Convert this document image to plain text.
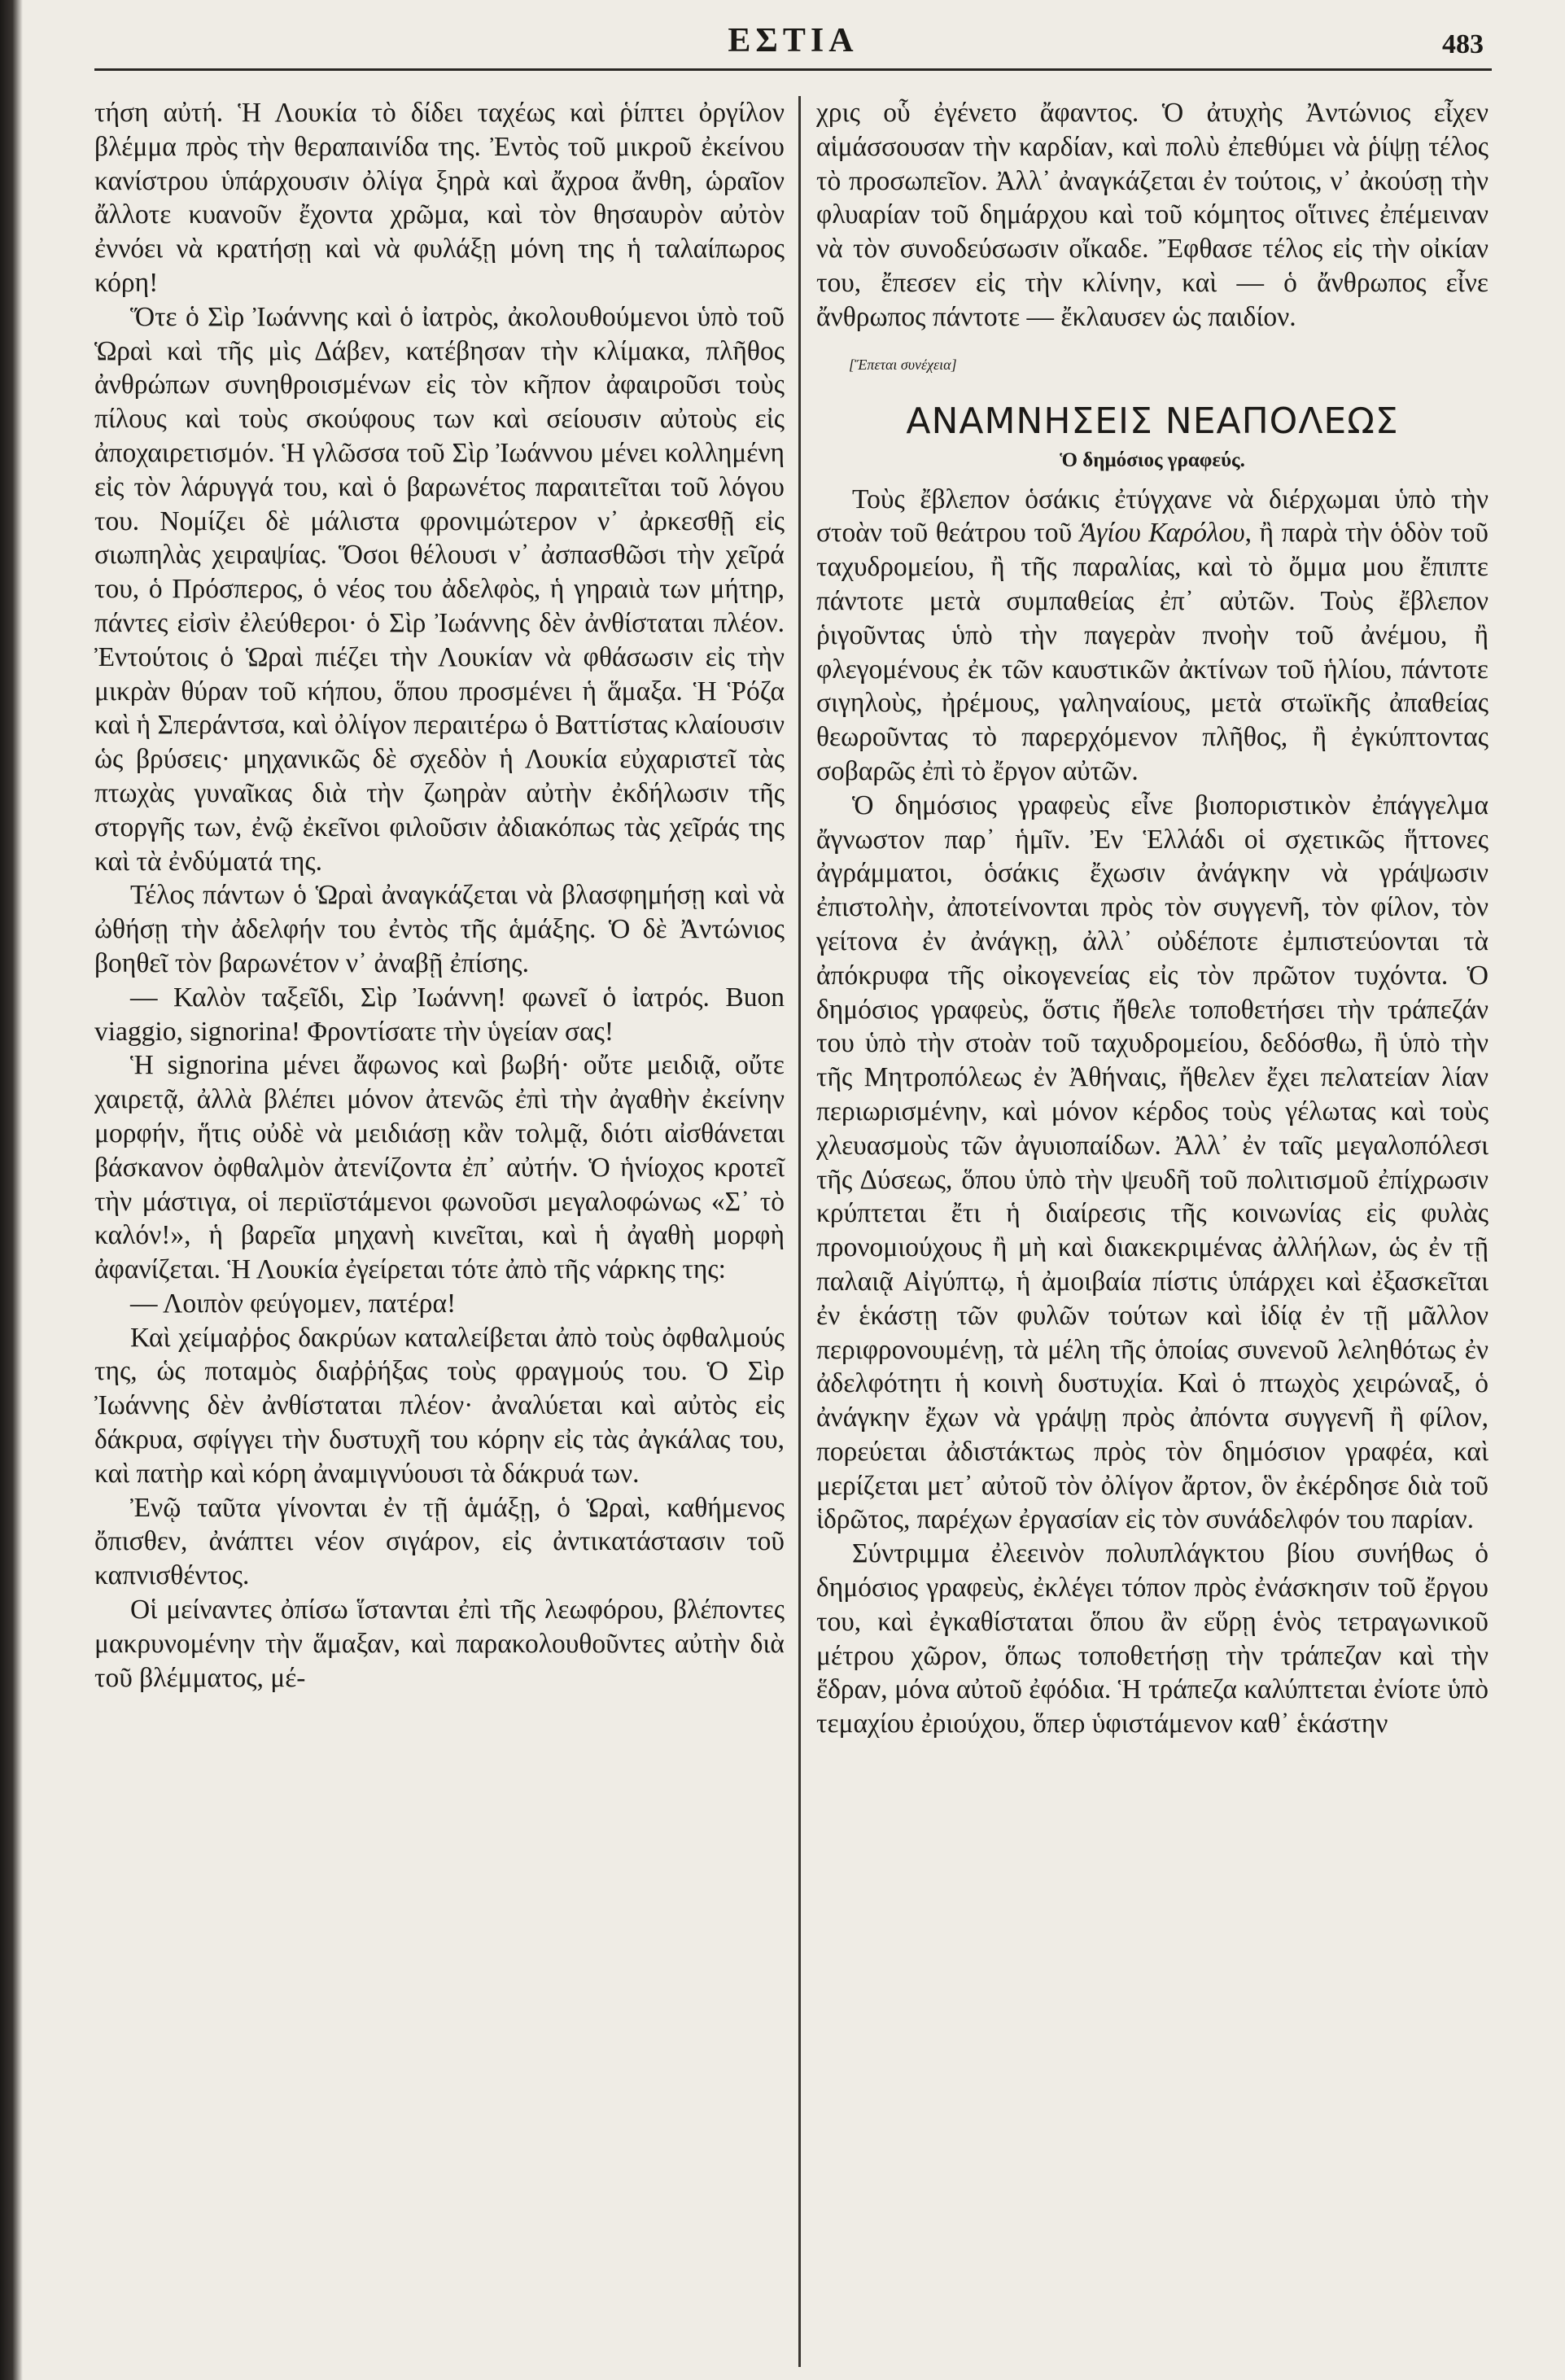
ΕΣΤΙΑ	483

τήση αὐτή. Ἡ Λουκία τὸ δίδει ταχέως καὶ ῥίπτει ὀργίλον βλέμμα πρὸς τὴν θεραπαινίδα της. Ἐντὸς τοῦ μικροῦ ἐκείνου κανίστρου ὑπάρχουσιν ὀλίγα ξηρὰ καὶ ἄχροα ἄνθη, ὡραῖον ἄλλοτε κυανοῦν ἔχοντα χρῶμα, καὶ τὸν θησαυρὸν αὐτὸν ἐννόει νὰ κρατήσῃ καὶ νὰ φυλάξῃ μόνη της ἡ ταλαίπωρος κόρη!

Ὅτε ὁ Σὶρ Ἰωάννης καὶ ὁ ἰατρὸς, ἀκολουθούμενοι ὑπὸ τοῦ Ὡραὶ καὶ τῆς μὶς Δάβεν, κατέβησαν τὴν κλίμακα, πλῆθος ἀνθρώπων συνηθροισμένων εἰς τὸν κῆπον ἀφαιροῦσι τοὺς πίλους καὶ τοὺς σκούφους των καὶ σείουσιν αὐτοὺς εἰς ἀποχαιρετισμόν. Ἡ γλῶσσα τοῦ Σὶρ Ἰωάννου μένει κολλημένη εἰς τὸν λάρυγγά του, καὶ ὁ βαρωνέτος παραιτεῖται τοῦ λόγου του. Νομίζει δὲ μάλιστα φρονιμώτερον ν᾿ ἀρκεσθῇ εἰς σιωπηλὰς χειραψίας. Ὅσοι θέλουσι ν᾿ ἀσπασθῶσι τὴν χεῖρά του, ὁ Πρόσπερος, ὁ νέος του ἀδελφὸς, ἡ γηραιὰ των μήτηρ, πάντες εἰσὶν ἐλεύθεροι· ὁ Σὶρ Ἰωάννης δὲν ἀνθίσταται πλέον. Ἐντούτοις ὁ Ὡραὶ πιέζει τὴν Λουκίαν νὰ φθάσωσιν εἰς τὴν μικρὰν θύραν τοῦ κήπου, ὅπου προσμένει ἡ ἅμαξα. Ἡ Ῥόζα καὶ ἡ Σπεράντσα, καὶ ὀλίγον περαιτέρω ὁ Βαττίστας κλαίουσιν ὡς βρύσεις· μηχανικῶς δὲ σχεδὸν ἡ Λουκία εὐχαριστεῖ τὰς πτωχὰς γυναῖκας διὰ τὴν ζωηρὰν αὐτὴν ἐκδήλωσιν τῆς στοργῆς των, ἐνῷ ἐκεῖνοι φιλοῦσιν ἀδιακόπως τὰς χεῖράς της καὶ τὰ ἐνδύματά της.

Τέλος πάντων ὁ Ὡραὶ ἀναγκάζεται νὰ βλασφημήσῃ καὶ νὰ ὠθήσῃ τὴν ἀδελφήν του ἐντὸς τῆς ἁμάξης. Ὁ δὲ Ἀντώνιος βοηθεῖ τὸν βαρωνέτον ν᾿ ἀναβῇ ἐπίσης.

— Καλὸν ταξεῖδι, Σὶρ Ἰωάννη! φωνεῖ ὁ ἰατρός. Buon viaggio, signorina! Φροντίσατε τὴν ὑγείαν σας!

Ἡ signorina μένει ἄφωνος καὶ βωβή· οὔτε μειδιᾷ, οὔτε χαιρετᾷ, ἀλλὰ βλέπει μόνον ἀτενῶς ἐπὶ τὴν ἀγαθὴν ἐκείνην μορφήν, ἥτις οὐδὲ νὰ μειδιάσῃ κἂν τολμᾷ, διότι αἰσθάνεται βάσκανον ὀφθαλμὸν ἀτενίζοντα ἐπ᾿ αὐτήν. Ὁ ἡνίοχος κροτεῖ τὴν μάστιγα, οἱ περιϊστάμενοι φωνοῦσι μεγαλοφώνως «Σ᾿ τὸ καλόν!», ἡ βαρεῖα μηχανὴ κινεῖται, καὶ ἡ ἀγαθὴ μορφὴ ἀφανίζεται. Ἡ Λουκία ἐγείρεται τότε ἀπὸ τῆς νάρκης της:

— Λοιπὸν φεύγομεν, πατέρα!

Καὶ χείμαῤῥος δακρύων καταλείβεται ἀπὸ τοὺς ὀφθαλμούς της, ὡς ποταμὸς διαῤῥήξας τοὺς φραγμούς του. Ὁ Σὶρ Ἰωάννης δὲν ἀνθίσταται πλέον· ἀναλύεται καὶ αὐτὸς εἰς δάκρυα, σφίγγει τὴν δυστυχῆ του κόρην εἰς τὰς ἀγκάλας του, καὶ πατὴρ καὶ κόρη ἀναμιγνύουσι τὰ δάκρυά των.

Ἐνῷ ταῦτα γίνονται ἐν τῇ ἁμάξῃ, ὁ Ὡραὶ, καθήμενος ὄπισθεν, ἀνάπτει νέον σιγάρον, εἰς ἀντικατάστασιν τοῦ καπνισθέντος.

Οἱ μείναντες ὀπίσω ἵστανται ἐπὶ τῆς λεωφόρου, βλέποντες μακρυνομένην τὴν ἅμαξαν, καὶ παρακολουθοῦντες αὐτὴν διὰ τοῦ βλέμματος, μέ-

χρις οὗ ἐγένετο ἄφαντος. Ὁ ἀτυχὴς Ἀντώνιος εἶχεν αἱμάσσουσαν τὴν καρδίαν, καὶ πολὺ ἐπεθύμει νὰ ῥίψῃ τέλος τὸ προσωπεῖον. Ἀλλ᾿ ἀναγκάζεται ἐν τούτοις, ν᾿ ἀκούσῃ τὴν φλυαρίαν τοῦ δημάρχου καὶ τοῦ κόμητος οἵτινες ἐπέμειναν νὰ τὸν συνοδεύσωσιν οἴκαδε. Ἔφθασε τέλος εἰς τὴν οἰκίαν του, ἔπεσεν εἰς τὴν κλίνην, καὶ — ὁ ἄνθρωπος εἶνε ἄνθρωπος πάντοτε — ἔκλαυσεν ὡς παιδίον.

[Ἕπεται συνέχεια]
ΑΝΑΜΝΗΣΕΙΣ ΝΕΑΠΟΛΕΩΣ
Ὁ δημόσιος γραφεύς.

Τοὺς ἔβλεπον ὁσάκις ἐτύγχανε νὰ διέρχωμαι ὑπὸ τὴν στοὰν τοῦ θεάτρου τοῦ Ἁγίου Καρόλου, ἢ παρὰ τὴν ὁδὸν τοῦ ταχυδρομείου, ἢ τῆς παραλίας, καὶ τὸ ὄμμα μου ἔπιπτε πάντοτε μετὰ συμπαθείας ἐπ᾿ αὐτῶν. Τοὺς ἔβλεπον ῥιγοῦντας ὑπὸ τὴν παγερὰν πνοὴν τοῦ ἀνέμου, ἢ φλεγομένους ἐκ τῶν καυστικῶν ἀκτίνων τοῦ ἡλίου, πάντοτε σιγηλοὺς, ἠρέμους, γαληναίους, μετὰ στωϊκῆς ἀπαθείας θεωροῦντας τὸ παρερχόμενον πλῆθος, ἢ ἐγκύπτοντας σοβαρῶς ἐπὶ τὸ ἔργον αὐτῶν.

Ὁ δημόσιος γραφεὺς εἶνε βιοποριστικὸν ἐπάγγελμα ἄγνωστον παρ᾿ ἡμῖν. Ἐν Ἑλλάδι οἱ σχετικῶς ἥττονες ἀγράμματοι, ὁσάκις ἔχωσιν ἀνάγκην νὰ γράψωσιν ἐπιστολὴν, ἀποτείνονται πρὸς τὸν συγγενῆ, τὸν φίλον, τὸν γείτονα ἐν ἀνάγκῃ, ἀλλ᾿ οὐδέποτε ἐμπιστεύονται τὰ ἀπόκρυφα τῆς οἰκογενείας εἰς τὸν πρῶτον τυχόντα. Ὁ δημόσιος γραφεὺς, ὅστις ἤθελε τοποθετήσει τὴν τράπεζάν του ὑπὸ τὴν στοὰν τοῦ ταχυδρομείου, δεδόσθω, ἢ ὑπὸ τὴν τῆς Μητροπόλεως ἐν Ἀθήναις, ἤθελεν ἔχει πελατείαν λίαν περιωρισμένην, καὶ μόνον κέρδος τοὺς γέλωτας καὶ τοὺς χλευασμοὺς τῶν ἀγυιοπαίδων. Ἀλλ᾿ ἐν ταῖς μεγαλοπόλεσι τῆς Δύσεως, ὅπου ὑπὸ τὴν ψευδῆ τοῦ πολιτισμοῦ ἐπίχρωσιν κρύπτεται ἔτι ἡ διαίρεσις τῆς κοινωνίας εἰς φυλὰς προνομιούχους ἢ μὴ καὶ διακεκριμένας ἀλλήλων, ὡς ἐν τῇ παλαιᾷ Αἰγύπτῳ, ἡ ἀμοιβαία πίστις ὑπάρχει καὶ ἐξασκεῖται ἐν ἑκάστῃ τῶν φυλῶν τούτων καὶ ἰδίᾳ ἐν τῇ μᾶλλον περιφρονουμένῃ, τὰ μέλη τῆς ὁποίας συνενοῦ λεληθότως ἐν ἀδελφότητι ἡ κοινὴ δυστυχία. Καὶ ὁ πτωχὸς χειρώναξ, ὁ ἀνάγκην ἔχων νὰ γράψῃ πρὸς ἀπόντα συγγενῆ ἢ φίλον, πορεύεται ἀδιστάκτως πρὸς τὸν δημόσιον γραφέα, καὶ μερίζεται μετ᾿ αὐτοῦ τὸν ὀλίγον ἄρτον, ὃν ἐκέρδησε διὰ τοῦ ἱδρῶτος, παρέχων ἐργασίαν εἰς τὸν συνάδελφόν του παρίαν.

Σύντριμμα ἐλεεινὸν πολυπλάγκτου βίου συνήθως ὁ δημόσιος γραφεὺς, ἐκλέγει τόπον πρὸς ἐνάσκησιν τοῦ ἔργου του, καὶ ἐγκαθίσταται ὅπου ἂν εὕρῃ ἑνὸς τετραγωνικοῦ μέτρου χῶρον, ὅπως τοποθετήσῃ τὴν τράπεζαν καὶ τὴν ἕδραν, μόνα αὐτοῦ ἐφόδια. Ἡ τράπεζα καλύπτεται ἐνίοτε ὑπὸ τεμαχίου ἐριούχου, ὅπερ ὑφιστάμενον καθ᾿ ἑκάστην
